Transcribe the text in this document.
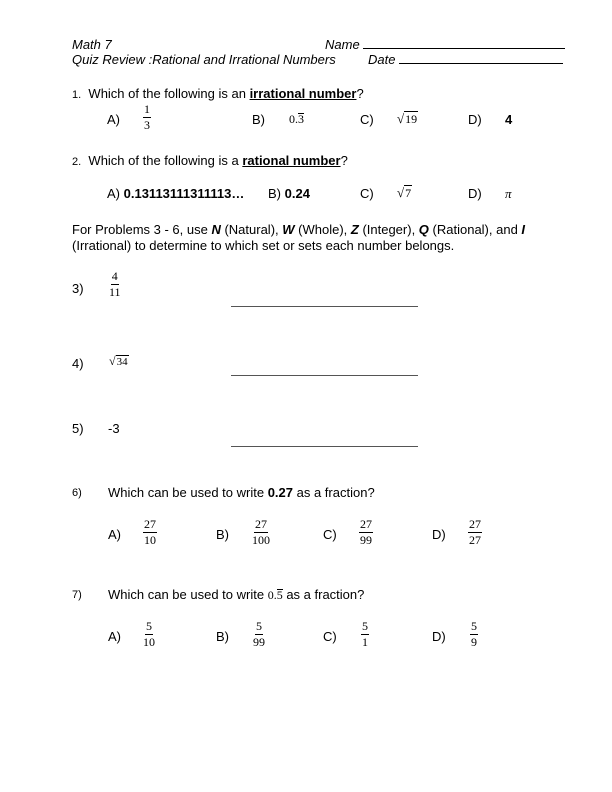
Math 7	Name
Quiz Review :Rational and Irrational Numbers Date
1. Which of the following is an irrational number?
$A) \frac{1}{3}$	B) 0.3	C) √19	D) 4
2. Which of the following is a rational number?
A) 0.13113111311113… B) 0.24	C) √7	D) π
For Problems 3 - 6, use N (Natural), W (Whole), Z (Integer), Q (Rational), and I
(Irrational) to determine to which set or sets each number belongs.
$3) \frac{4}{11}$
4) √34
5) -3
6) Which can be used to write 0.27 as a fraction?
$A) \frac{27}{10}$	$B) \frac{27}{100}$	$C) \frac{27}{99}$	$D) \frac{27}{27}$
7) Which can be used to write 0.5 as a fraction?
$A) \frac{5}{10}$	$B) \frac{5}{99}$	$C) \frac{5}{1}$	$D) \frac{5}{9}$
